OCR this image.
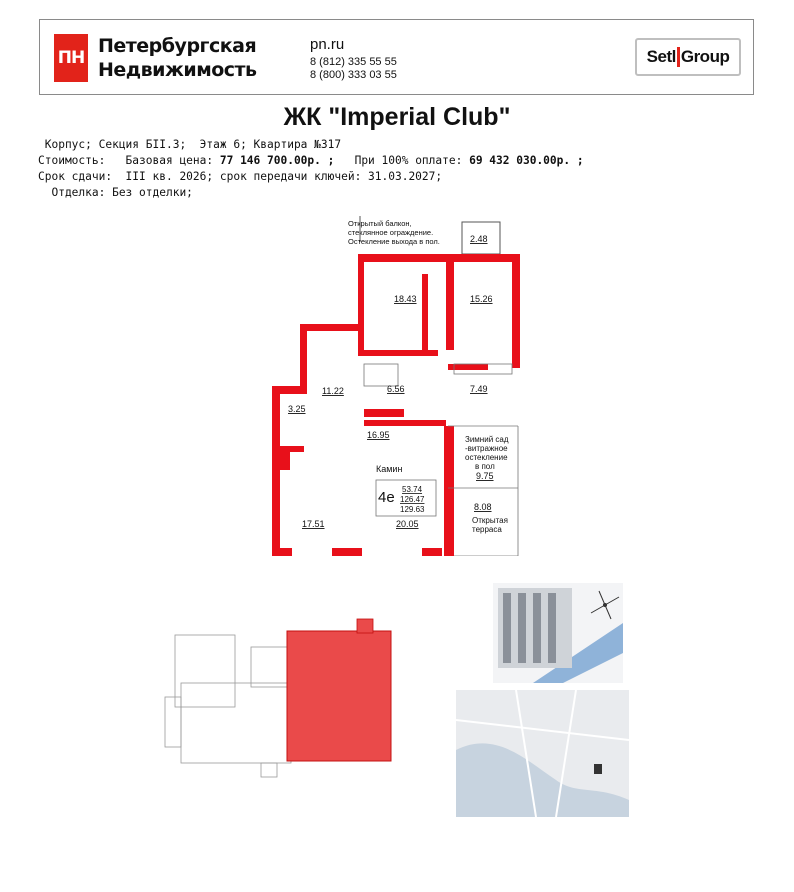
ПН
Петербургская
Недвижимость
pn.ru
8 (812) 335 55 55
8 (800) 333 03 55
Setl Group
ЖК "Imperial Club"
Корпус; Секция БII.3;  Этаж 6; Квартира №317
Стоимость:   Базовая цена: 77 146 700.00р. ;   При 100% оплате: 69 432 030.00р. ;
Срок сдачи:  III кв. 2026; срок передачи ключей: 31.03.2027;
Отделка: Без отделки;
Открытый балкон,
стеклянное ограждение.
Остекление выхода в пол.	2.48
18.43	15.26
11.22	6.56	7.49
3.25
16.95	Зимний сад
-витражное
остекление
в пол
9.75
Камин
4е 53.74
126.47
129.63
17.51	20.05
8.08
Открытая
терраса
